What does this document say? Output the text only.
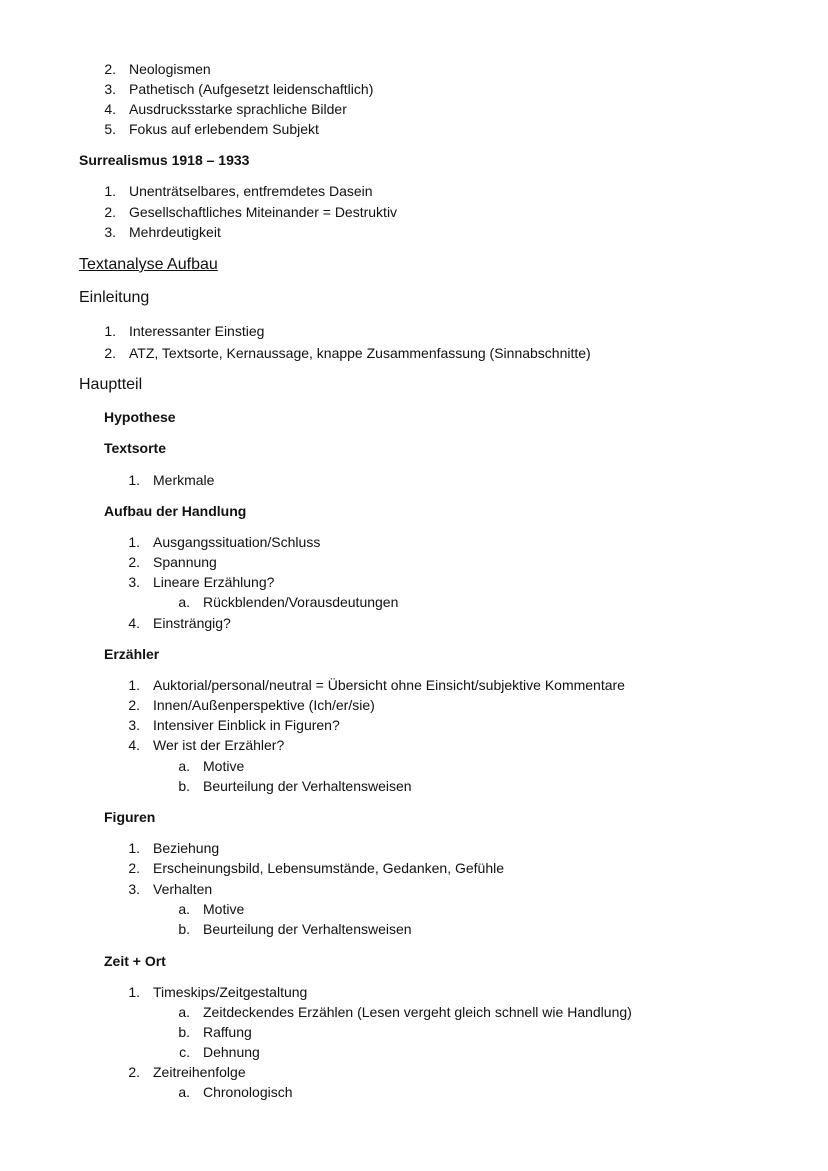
2. Neologismen
3. Pathetisch (Aufgesetzt leidenschaftlich)
4. Ausdrucksstarke sprachliche Bilder
5. Fokus auf erlebendem Subjekt
Surrealismus 1918 – 1933
1. Unenträtselbares, entfremdetes Dasein
2. Gesellschaftliches Miteinander = Destruktiv
3. Mehrdeutigkeit
Textanalyse Aufbau
Einleitung
1. Interessanter Einstieg
2. ATZ, Textsorte, Kernaussage, knappe Zusammenfassung (Sinnabschnitte)
Hauptteil
Hypothese
Textsorte
1. Merkmale
Aufbau der Handlung
1. Ausgangssituation/Schluss
2. Spannung
3. Lineare Erzählung?
a. Rückblenden/Vorausdeutungen
4. Einsträngig?
Erzähler
1. Auktorial/personal/neutral = Übersicht ohne Einsicht/subjektive Kommentare
2. Innen/Außenperspektive (Ich/er/sie)
3. Intensiver Einblick in Figuren?
4. Wer ist der Erzähler?
a. Motive
b. Beurteilung der Verhaltensweisen
Figuren
1. Beziehung
2. Erscheinungsbild, Lebensumstände, Gedanken, Gefühle
3. Verhalten
a. Motive
b. Beurteilung der Verhaltensweisen
Zeit + Ort
1. Timeskips/Zeitgestaltung
a. Zeitdeckendes Erzählen (Lesen vergeht gleich schnell wie Handlung)
b. Raffung
c. Dehnung
2. Zeitreihenfolge
a. Chronologisch
